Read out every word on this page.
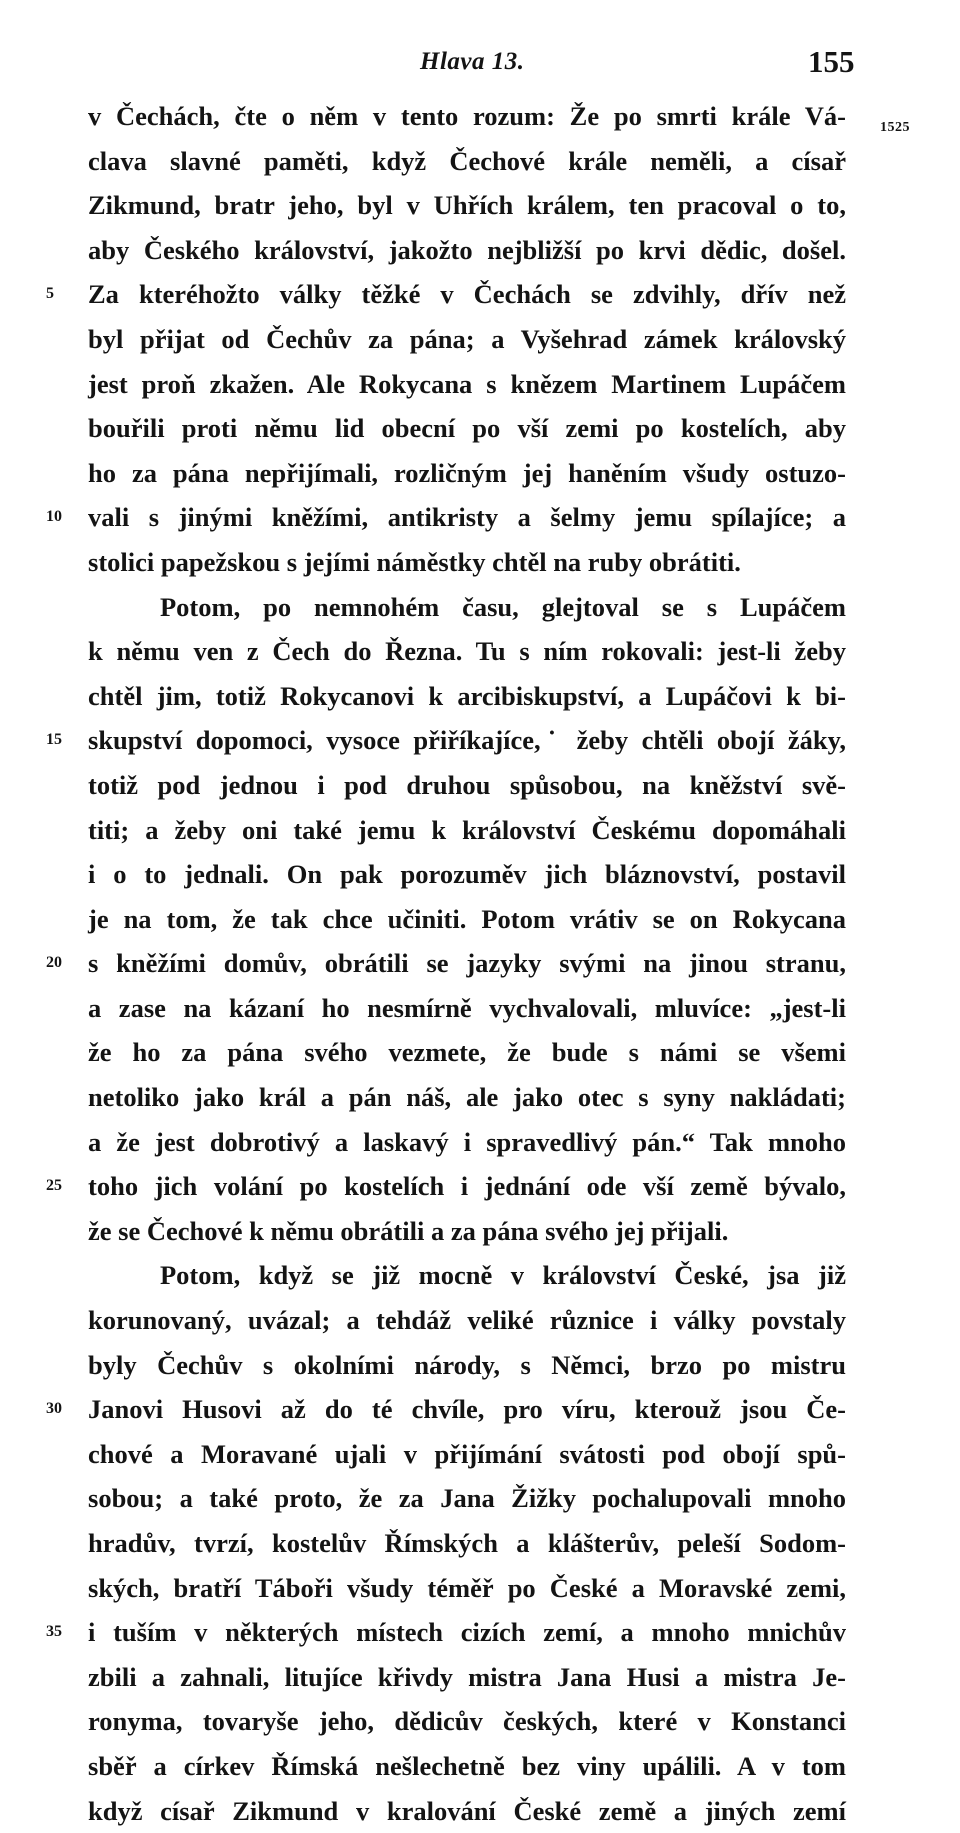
Hlava 13.	155
1525
v Čechách, čte o něm v tento rozum: Že po smrti krále Vá-
clava slavné paměti, když Čechové krále neměli, a císař
Zikmund, bratr jeho, byl v Uhřích králem, ten pracoval o to,
aby Českého království, jakožto nejbližší po krvi dědic, došel.
Za kteréhožto války těžké v Čechách se zdvihly, dřív než
5
byl přijat od Čechův za pána; a Vyšehrad zámek královský
jest proň zkažen. Ale Rokycana s knězem Martinem Lupáčem
bouřili proti němu lid obecní po vší zemi po kostelích, aby
ho za pána nepřijímali, rozličným jej haněním všudy ostuzo-
vali s jinými kněžími, antikristy a šelmy jemu spílajíce; a
10
stolici papežskou s jejími náměstky chtěl na ruby obrátiti.
Potom, po nemnohém času, glejtoval se s Lupáčem
k němu ven z Čech do Řezna. Tu s ním rokovali: jest-li žeby
chtěl jim, totiž Rokycanovi k arcibiskupství, a Lupáčovi k bi-
skupství dopomoci, vysoce přiříkajíce,˙ žeby chtěli obojí žáky,
15
totiž pod jednou i pod druhou spůsobou, na kněžství svě-
titi; a žeby oni také jemu k království Českému dopomáhali
i o to jednali. On pak porozuměv jich bláznovství, postavil
je na tom, že tak chce učiniti. Potom vrátiv se on Rokycana
s kněžími domův, obrátili se jazyky svými na jinou stranu,
20
a zase na kázaní ho nesmírně vychvalovali, mluvíce: „jest-li
že ho za pána svého vezmete, že bude s námi se všemi
netoliko jako král a pán náš, ale jako otec s syny nakládati;
a že jest dobrotivý a laskavý i spravedlivý pán.“ Tak mnoho
toho jich volání po kostelích i jednání ode vší země bývalo,
25
že se Čechové k němu obrátili a za pána svého jej přijali.
Potom, když se již mocně v království České, jsa již
korunovaný, uvázal; a tehdáž veliké různice i války povstaly
byly Čechův s okolními národy, s Němci, brzo po mistru
Janovi Husovi až do té chvíle, pro víru, kterouž jsou Če-
30
chové a Moravané ujali v přijímání svátosti pod obojí spů-
sobou; a také proto, že za Jana Žižky pochalupovali mnoho
hradův, tvrzí, kostelův Římských a klášterův, peleší Sodom-
ských, bratří Táboři všudy téměř po České a Moravské zemi,
i tuším v některých místech cizích zemí, a mnoho mnichův
35
zbili a zahnali, litujíce křivdy mistra Jana Husi a mistra Je-
ronyma, tovaryše jeho, dědicův českých, které v Konstanci
sběř a církev Římská nešlechetně bez viny upálili. A v tom
když císař Zikmund v kralování České země a jiných zemí
